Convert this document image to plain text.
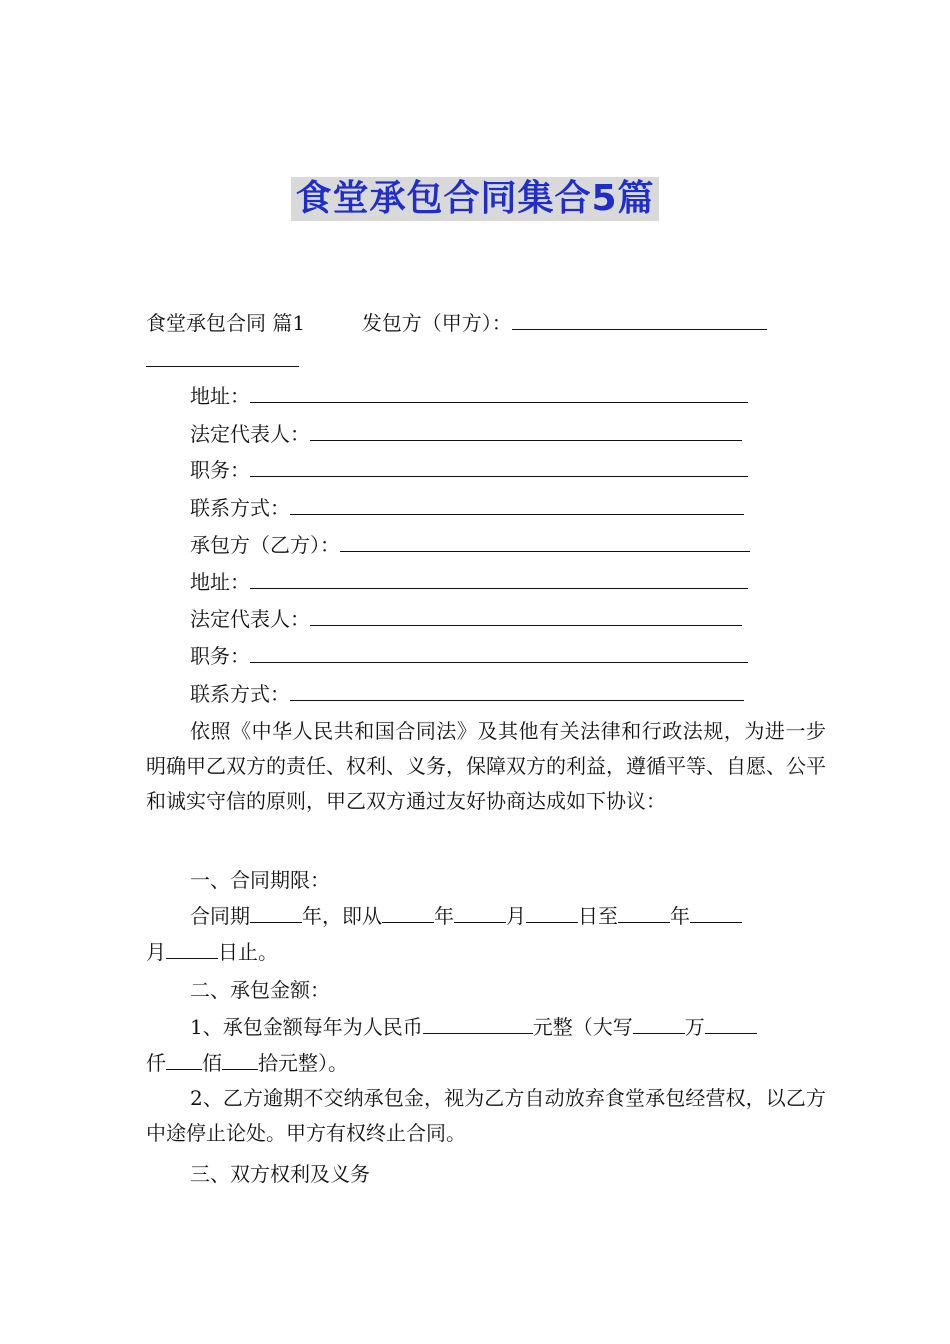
食堂承包合同集合5篇
食堂承包合同 篇1	发包方（甲方）：
地址：
法定代表人：
职务：
联系方式：
承包方（乙方）：
地址：
法定代表人：
职务：
联系方式：

依照《中华人民共和国合同法》及其他有关法律和行政法规，为进一步明确甲乙双方的责任、权利、义务，保障双方的利益，遵循平等、自愿、公平和诚实守信的原则，甲乙双方通过友好协商达成如下协议：

一、合同期限：
合同期	年，即从	年	月	日至	年
月	日止。
二、承包金额：
1、承包金额每年为人民币	元整（大写	万
仟 佰 拾元整）。

2、乙方逾期不交纳承包金，视为乙方自动放弃食堂承包经营权，以乙方中途停止论处。甲方有权终止合同。

三、双方权利及义务
